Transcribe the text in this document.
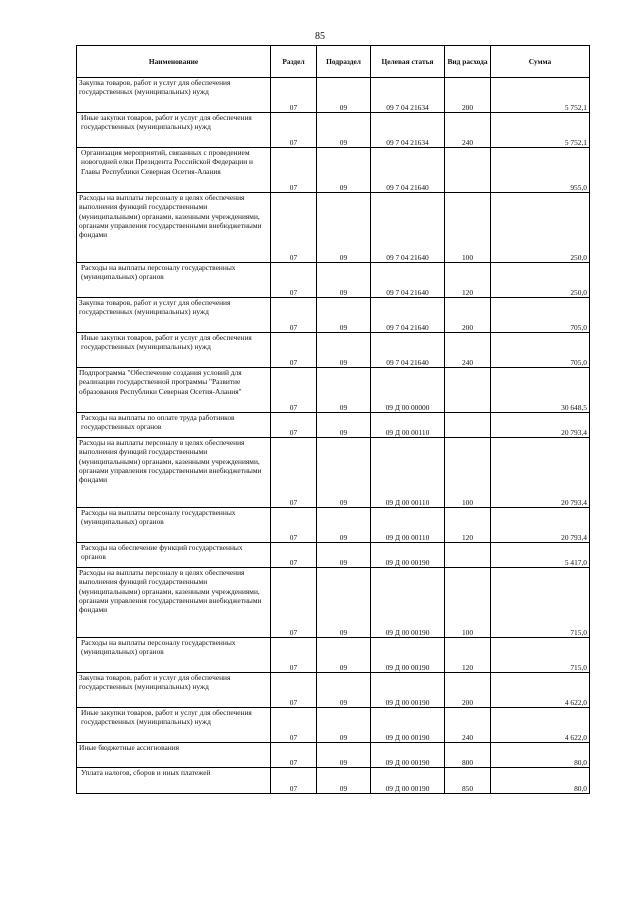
85
Наименование	Раздел	Подраздел	Целевая статья	Вид расхода	Сумма
Закупка товаров, работ и услуг для обеспечения государственных (муниципальных) нужд	07	09	09 7 04 21634	200	5 752,1
Иные закупки товаров, работ и услуг для обеспечения государственных (муниципальных) нужд	07	09	09 7 04 21634	240	5 752,1
Организация мероприятий, связанных с проведением новогодней елки Президента Российской Федерации и Главы Республики Северная Осетия-Алания	07	09	09 7 04 21640		955,0
Расходы на выплаты персоналу в целях обеспечения выполнения функций государственными (муниципальными) органами, казенными учреждениями, органами управления государственными внебюджетными фондами	07	09	09 7 04 21640	100	250,0
Расходы на выплаты персоналу государственных (муниципальных) органов	07	09	09 7 04 21640	120	250,0
Закупка товаров, работ и услуг для обеспечения государственных (муниципальных) нужд	07	09	09 7 04 21640	200	705,0
Иные закупки товаров, работ и услуг для обеспечения государственных (муниципальных) нужд	07	09	09 7 04 21640	240	705,0
Подпрограмма "Обеспечение создания условий для реализации государственной программы "Развитие образования Республики Северная Осетия-Алания"	07	09	09 Д 00 00000		30 648,5
Расходы на выплаты по оплате труда работников государственных органов	07	09	09 Д 00 00110		20 793,4
Расходы на выплаты персоналу в целях обеспечения выполнения функций государственными (муниципальными) органами, казенными учреждениями, органами управления государственными внебюджетными фондами	07	09	09 Д 00 00110	100	20 793,4
Расходы на выплаты персоналу государственных (муниципальных) органов	07	09	09 Д 00 00110	120	20 793,4
Расходы на обеспечение функций государственных органов	07	09	09 Д 00 00190		5 417,0
Расходы на выплаты персоналу в целях обеспечения выполнения функций государственными (муниципальными) органами, казенными учреждениями, органами управления государственными внебюджетными фондами	07	09	09 Д 00 00190	100	715,0
Расходы на выплаты персоналу государственных (муниципальных) органов	07	09	09 Д 00 00190	120	715,0
Закупка товаров, работ и услуг для обеспечения государственных (муниципальных) нужд	07	09	09 Д 00 00190	200	4 622,0
Иные закупки товаров, работ и услуг для обеспечения государственных (муниципальных) нужд	07	09	09 Д 00 00190	240	4 622,0
Иные бюджетные ассигнования	07	09	09 Д 00 00190	800	80,0
Уплата налогов, сборов и иных платежей	07	09	09 Д 00 00190	850	80,0
